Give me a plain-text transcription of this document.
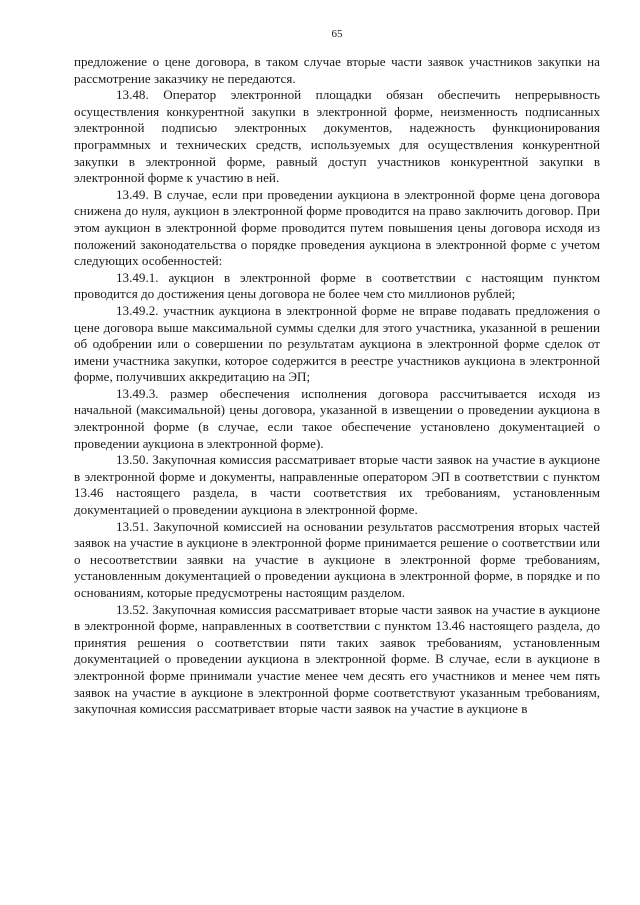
65

предложение о цене договора, в таком случае вторые части заявок участников закупки на рассмотрение заказчику не передаются.

13.48. Оператор электронной площадки обязан обеспечить непрерывность осуществления конкурентной закупки в электронной форме, неизменность подписанных электронной подписью электронных документов, надежность функционирования программных и технических средств, используемых для осуществления конкурентной закупки в электронной форме, равный доступ участников конкурентной закупки в электронной форме к участию в ней.

13.49. В случае, если при проведении аукциона в электронной форме цена договора снижена до нуля, аукцион в электронной форме проводится на право заключить договор. При этом аукцион в электронной форме проводится путем повышения цены договора исходя из положений законодательства о порядке проведения аукциона в электронной форме с учетом следующих особенностей:

13.49.1. аукцион в электронной форме в соответствии с настоящим пунктом проводится до достижения цены договора не более чем сто миллионов рублей;

13.49.2. участник аукциона в электронной форме не вправе подавать предложения о цене договора выше максимальной суммы сделки для этого участника, указанной в решении об одобрении или о совершении по результатам аукциона в электронной форме сделок от имени участника закупки, которое содержится в реестре участников аукциона в электронной форме, получивших аккредитацию на ЭП;

13.49.3. размер обеспечения исполнения договора рассчитывается исходя из начальной (максимальной) цены договора, указанной в извещении о проведении аукциона в электронной форме (в случае, если такое обеспечение установлено документацией о проведении аукциона в электронной форме).

13.50. Закупочная комиссия рассматривает вторые части заявок на участие в аукционе в электронной форме и документы, направленные оператором ЭП в соответствии с пунктом 13.46 настоящего раздела, в части соответствия их требованиям, установленным документацией о проведении аукциона в электронной форме.

13.51. Закупочной комиссией на основании результатов рассмотрения вторых частей заявок на участие в аукционе в электронной форме принимается решение о соответствии или о несоответствии заявки на участие в аукционе в электронной форме требованиям, установленным документацией о проведении аукциона в электронной форме, в порядке и по основаниям, которые предусмотрены настоящим разделом.

13.52. Закупочная комиссия рассматривает вторые части заявок на участие в аукционе в электронной форме, направленных в соответствии с пунктом 13.46 настоящего раздела, до принятия решения о соответствии пяти таких заявок требованиям, установленным документацией о проведении аукциона в электронной форме. В случае, если в аукционе в электронной форме принимали участие менее чем десять его участников и менее чем пять заявок на участие в аукционе в электронной форме соответствуют указанным требованиям, закупочная комиссия рассматривает вторые части заявок на участие в аукционе в
